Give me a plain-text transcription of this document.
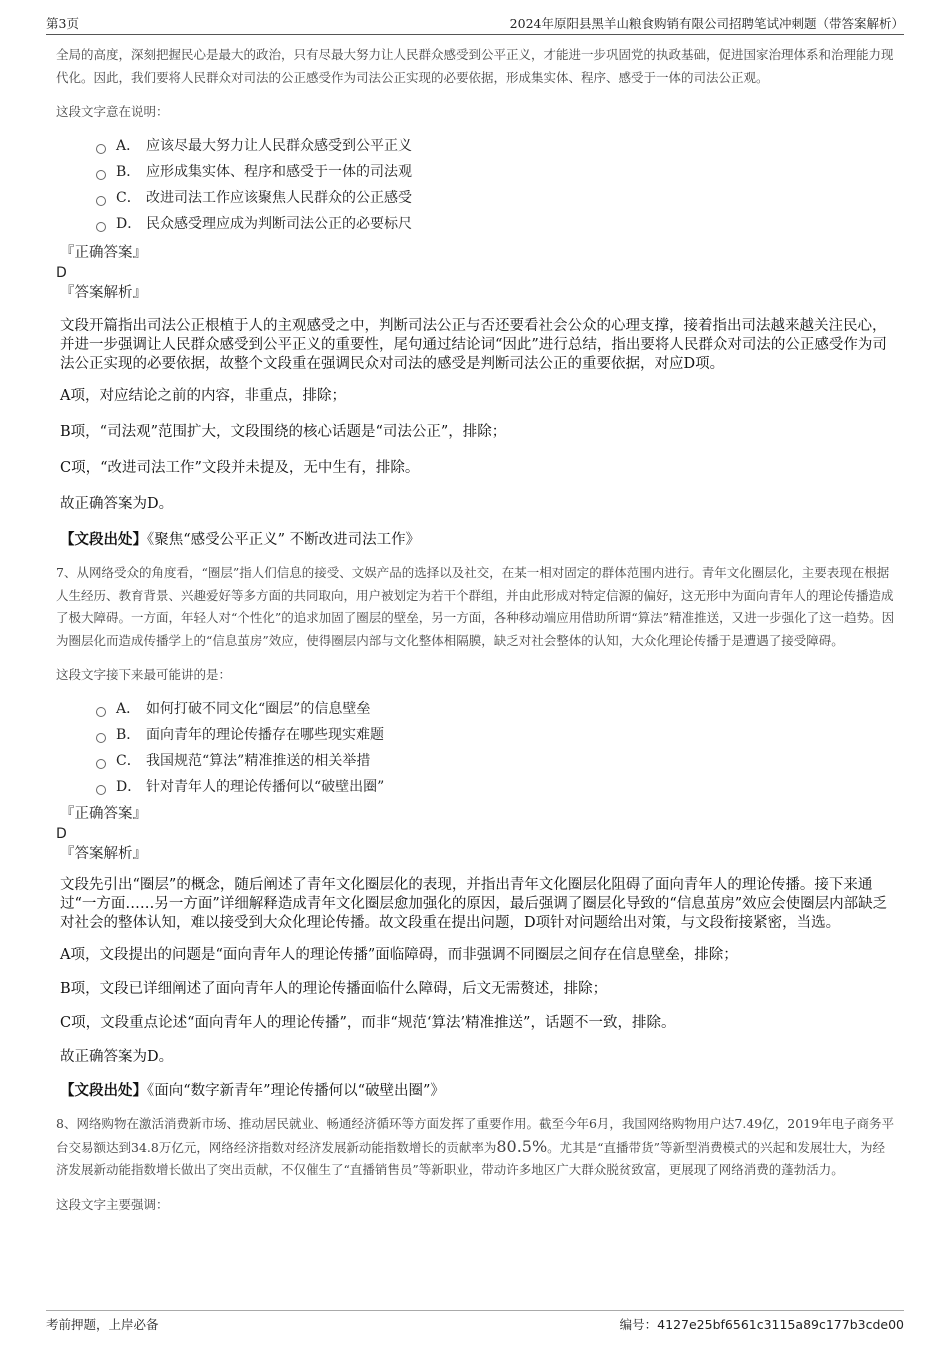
第3页	2024年原阳县黑羊山粮食购销有限公司招聘笔试冲刺题（带答案解析）

全局的高度，深刻把握民心是最大的政治，只有尽最大努力让人民群众感受到公平正义，才能进一步巩固党的执政基础，促进国家治理体系和治理能力现代化。因此，我们要将人民群众对司法的公正感受作为司法公正实现的必要依据，形成集实体、程序、感受于一体的司法公正观。

这段文字意在说明：

A． 应该尽最大努力让人民群众感受到公平正义
B． 应形成集实体、程序和感受于一体的司法观
C． 改进司法工作应该聚焦人民群众的公正感受
D． 民众感受理应成为判断司法公正的必要标尺

『正确答案』

D

『答案解析』

文段开篇指出司法公正根植于人的主观感受之中，判断司法公正与否还要看社会公众的心理支撑，接着指出司法越来越关注民心，并进一步强调让人民群众感受到公平正义的重要性，尾句通过结论词“因此”进行总结，指出要将人民群众对司法的公正感受作为司法公正实现的必要依据，故整个文段重在强调民众对司法的感受是判断司法公正的重要依据，对应D项。

A项，对应结论之前的内容，非重点，排除；

B项，“司法观”范围扩大，文段围绕的核心话题是“司法公正”，排除；

C项，“改进司法工作”文段并未提及，无中生有，排除。

故正确答案为D。

【文段出处】《聚焦“感受公平正义” 不断改进司法工作》

7、从网络受众的角度看，“圈层”指人们信息的接受、文娱产品的选择以及社交，在某一相对固定的群体范围内进行。青年文化圈层化，主要表现在根据人生经历、教育背景、兴趣爱好等多方面的共同取向，用户被划定为若干个群组，并由此形成对特定信源的偏好，这无形中为面向青年人的理论传播造成了极大障碍。一方面，年轻人对“个性化”的追求加固了圈层的壁垒，另一方面，各种移动端应用借助所谓“算法”精准推送，又进一步强化了这一趋势。因为圈层化而造成传播学上的“信息茧房”效应，使得圈层内部与文化整体相隔膜，缺乏对社会整体的认知，大众化理论传播于是遭遇了接受障碍。

这段文字接下来最可能讲的是：

A． 如何打破不同文化“圈层”的信息壁垒
B． 面向青年的理论传播存在哪些现实难题
C． 我国规范“算法”精准推送的相关举措
D． 针对青年人的理论传播何以“破壁出圈”

『正确答案』

D

『答案解析』

文段先引出“圈层”的概念，随后阐述了青年文化圈层化的表现，并指出青年文化圈层化阻碍了面向青年人的理论传播。接下来通过“一方面……另一方面”详细解释造成青年文化圈层愈加强化的原因，最后强调了圈层化导致的“信息茧房”效应会使圈层内部缺乏对社会的整体认知，难以接受到大众化理论传播。故文段重在提出问题，D项针对问题给出对策，与文段衔接紧密，当选。

A项，文段提出的问题是“面向青年人的理论传播”面临障碍，而非强调不同圈层之间存在信息壁垒，排除；

B项，文段已详细阐述了面向青年人的理论传播面临什么障碍，后文无需赘述，排除；

C项，文段重点论述“面向青年人的理论传播”，而非“规范‘算法’精准推送”，话题不一致，排除。

故正确答案为D。

【文段出处】《面向“数字新青年”理论传播何以“破壁出圈”》

8、网络购物在激活消费新市场、推动居民就业、畅通经济循环等方面发挥了重要作用。截至今年6月，我国网络购物用户达7.49亿，2019年电子商务平台交易额达到34.8万亿元，网络经济指数对经济发展新动能指数增长的贡献率为80.5%。尤其是“直播带货”等新型消费模式的兴起和发展壮大，为经济发展新动能指数增长做出了突出贡献，不仅催生了“直播销售员”等新职业，带动许多地区广大群众脱贫致富，更展现了网络消费的蓬勃活力。

这段文字主要强调：

考前押题，上岸必备	编号：4127e25bf6561c3115a89c177b3cde00
